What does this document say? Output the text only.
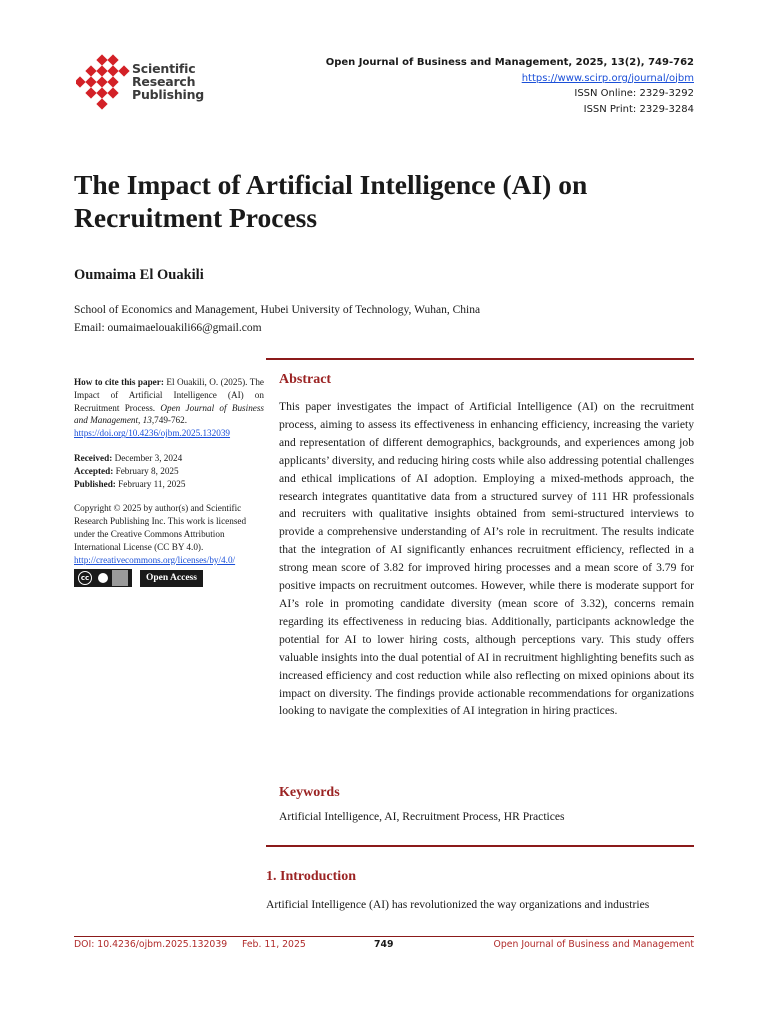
Scientific
Research
Publishing
Open Journal of Business and Management, 2025, 13(2), 749-762
https://www.scirp.org/journal/ojbm
ISSN Online: 2329-3292
ISSN Print: 2329-3284
The Impact of Artificial Intelligence (AI) on
Recruitment Process
Oumaima El Ouakili
School of Economics and Management, Hubei University of Technology, Wuhan, China
Email: oumaimaelouakili66@gmail.com

How to cite this paper: El Ouakili, O. (2025). The Impact of Artificial Intelligence (AI) on Recruitment Process. Open Journal of Business and Management, 13,749-762.

https://doi.org/10.4236/ojbm.2025.132039

Received: December 3, 2024

Accepted: February 8, 2025

Published: February 11, 2025

Copyright © 2025 by author(s) and Scientific Research Publishing Inc. This work is licensed under the Creative Commons Attribution International License (CC BY 4.0).

http://creativecommons.org/licenses/by/4.0/

cc	Open Access
Abstract
This paper investigates the impact of Artificial Intelligence (AI) on the recruitment process, aiming to assess its effectiveness in enhancing efficiency, increasing the variety and representation of different demographics, backgrounds, and experiences among job applicants’ diversity, and reducing hiring costs while also addressing potential challenges and ethical implications of AI adoption. Employing a mixed-methods approach, the research integrates quantitative data from a structured survey of 111 HR professionals and recruiters with qualitative insights obtained from semi-structured interviews to provide a comprehensive understanding of AI’s role in recruitment. The results indicate that the integration of AI significantly enhances recruitment efficiency, reflected in a strong mean score of 3.82 for improved hiring processes and a mean score of 3.79 for positive impacts on recruitment outcomes. However, while there is moderate support for AI’s role in promoting candidate diversity (mean score of 3.32), concerns remain regarding its effectiveness in reducing bias. Additionally, participants acknowledge the potential for AI to lower hiring costs, although perceptions vary. This study offers valuable insights into the dual potential of AI in recruitment highlighting benefits such as increased efficiency and cost reduction while also reflecting on mixed opinions about its impact on diversity. The findings provide actionable recommendations for organizations looking to navigate the complexities of AI integration in hiring practices.
Keywords
Artificial Intelligence, AI, Recruitment Process, HR Practices
1. Introduction
Artificial Intelligence (AI) has revolutionized the way organizations and industries
DOI: 10.4236/ojbm.2025.132039 Feb. 11, 2025	749	Open Journal of Business and Management
